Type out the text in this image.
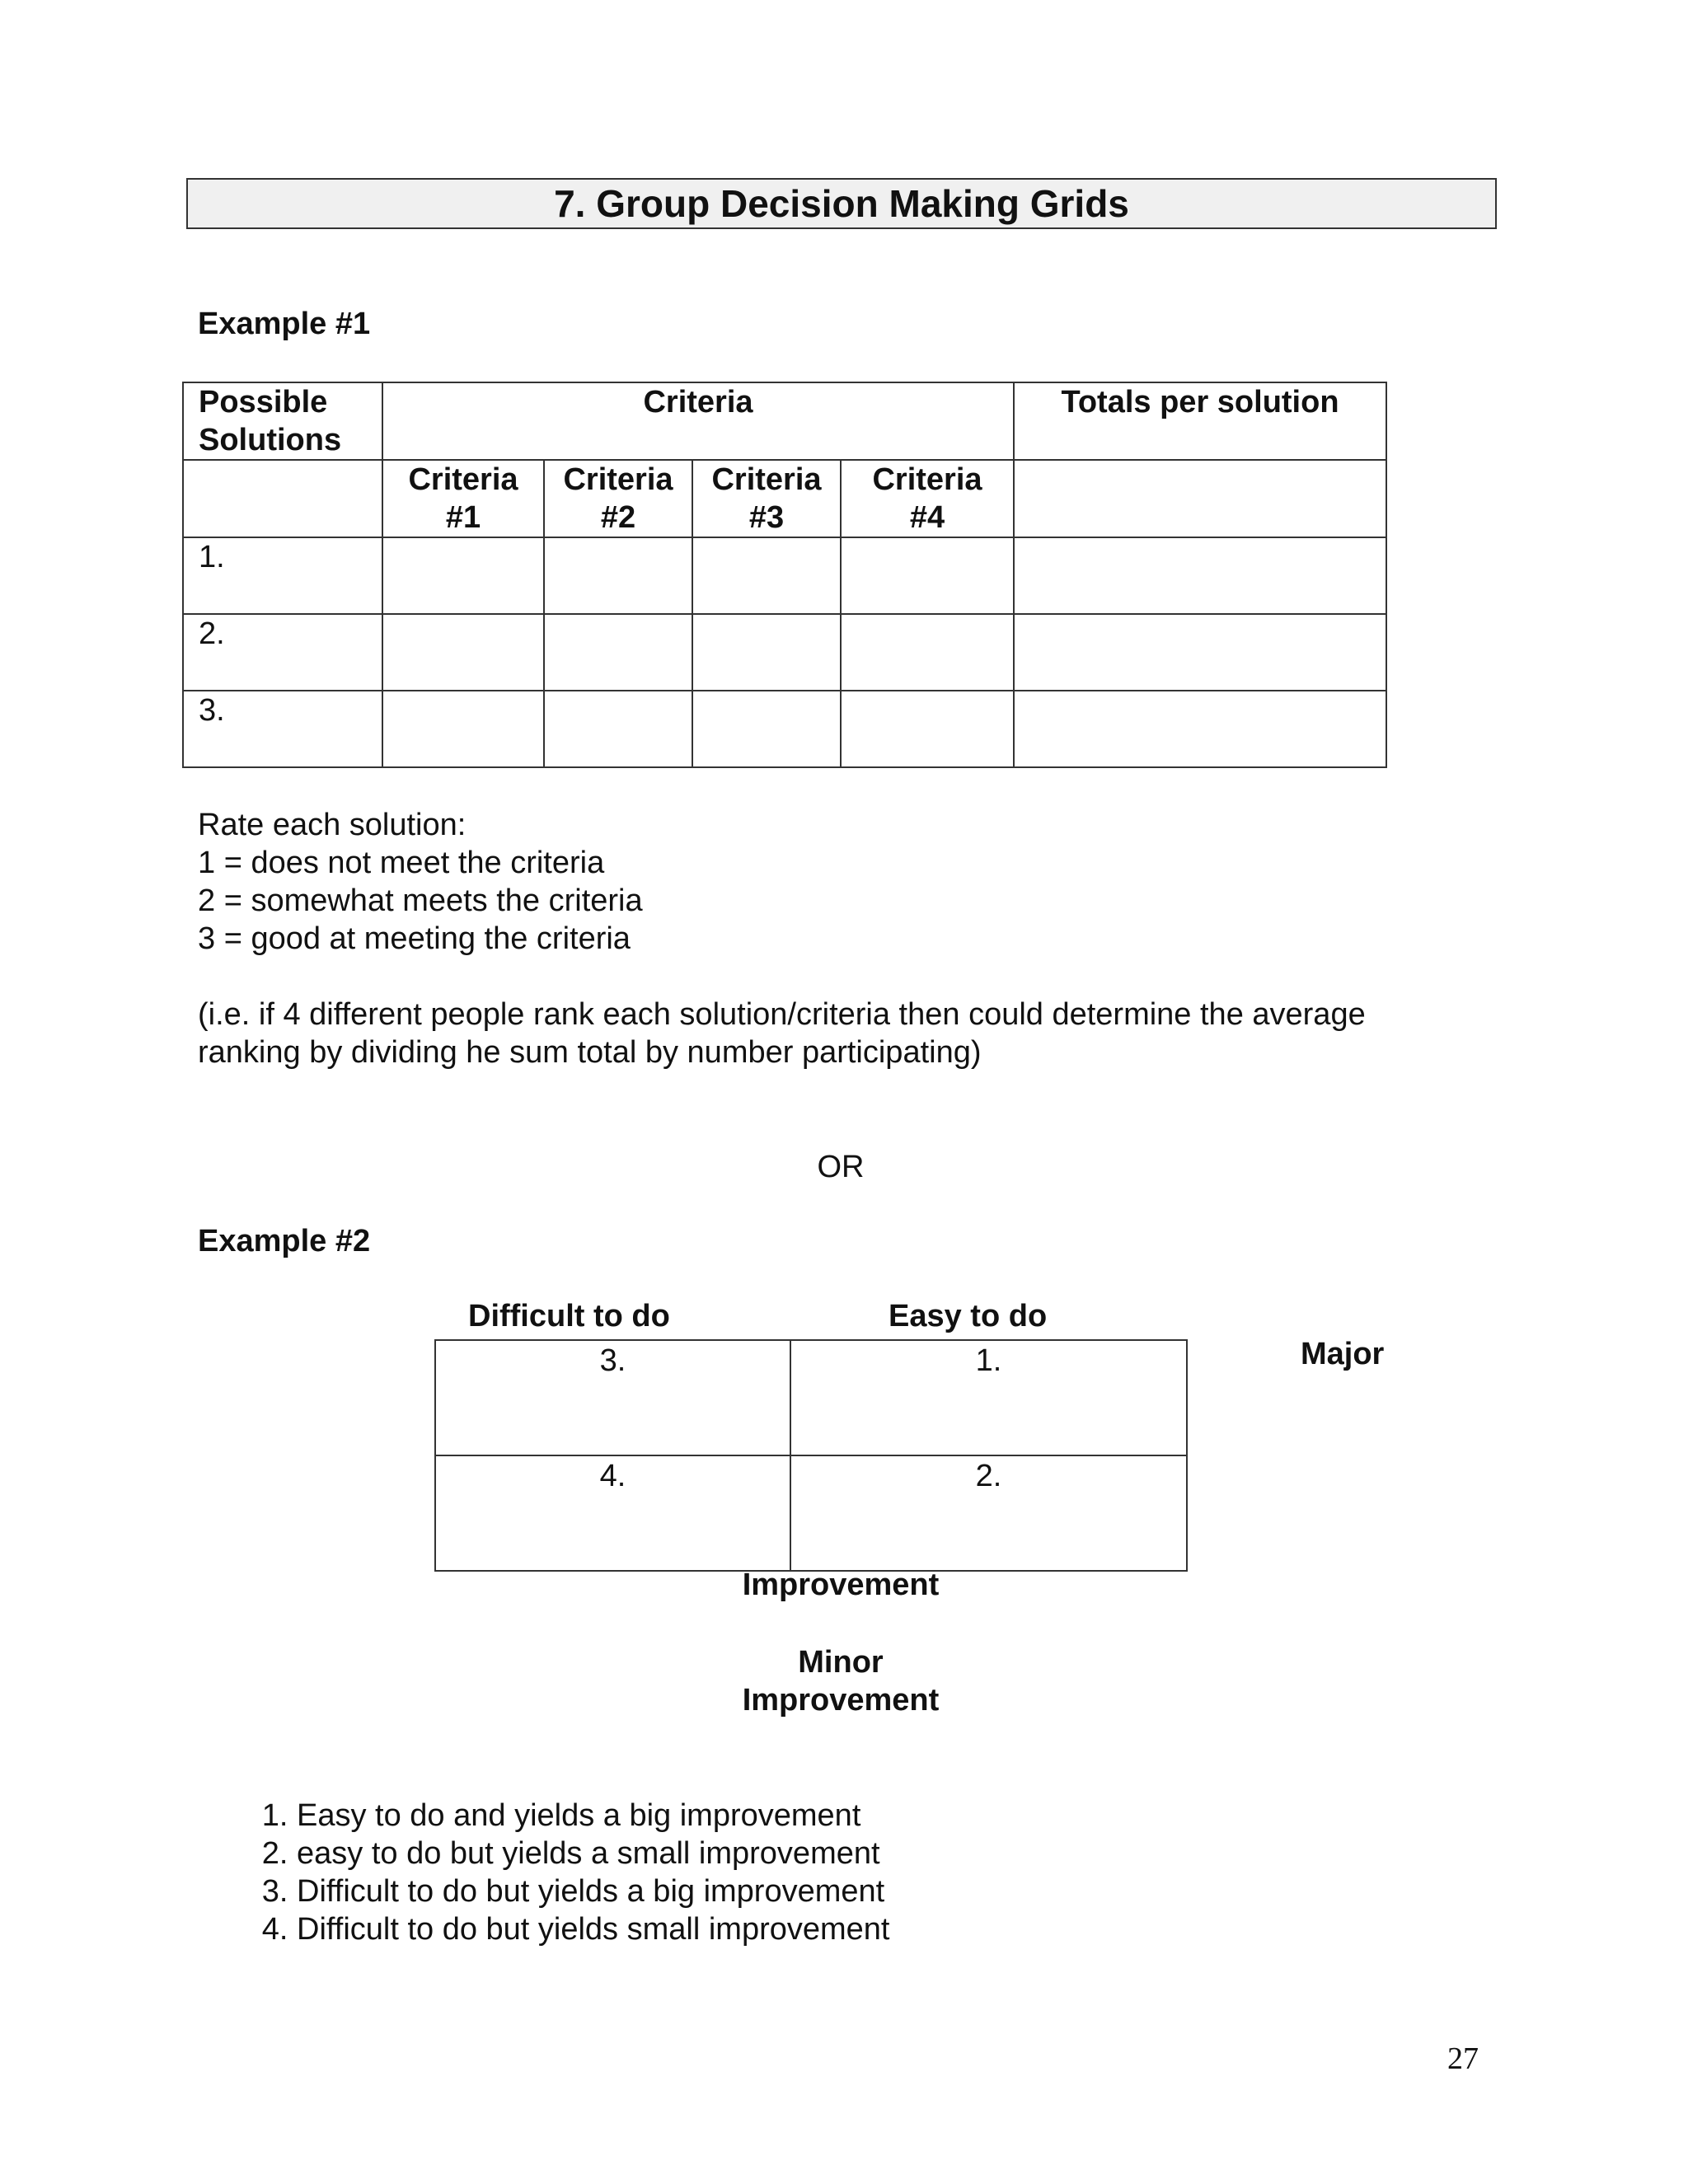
7. Group Decision Making Grids
Example #1
Possible Solutions	Criteria				Totals per solution
	Criteria #1	Criteria #2	Criteria #3	Criteria #4	
1.					
2.					
3.					
Rate each solution:
1 = does not meet the criteria
2 = somewhat meets the criteria
3 = good at meeting the criteria
(i.e. if 4 different people rank each solution/criteria then could determine the average ranking by dividing he sum total by number participating)
OR
Example #2
Difficult to do	Easy to do
Major
3.	1.
4.	2.
Improvement
Minor
Improvement
1. Easy to do and yields a big improvement
2. easy to do but yields a small improvement
3. Difficult to do but yields a big improvement
4. Difficult to do but yields small improvement
27
